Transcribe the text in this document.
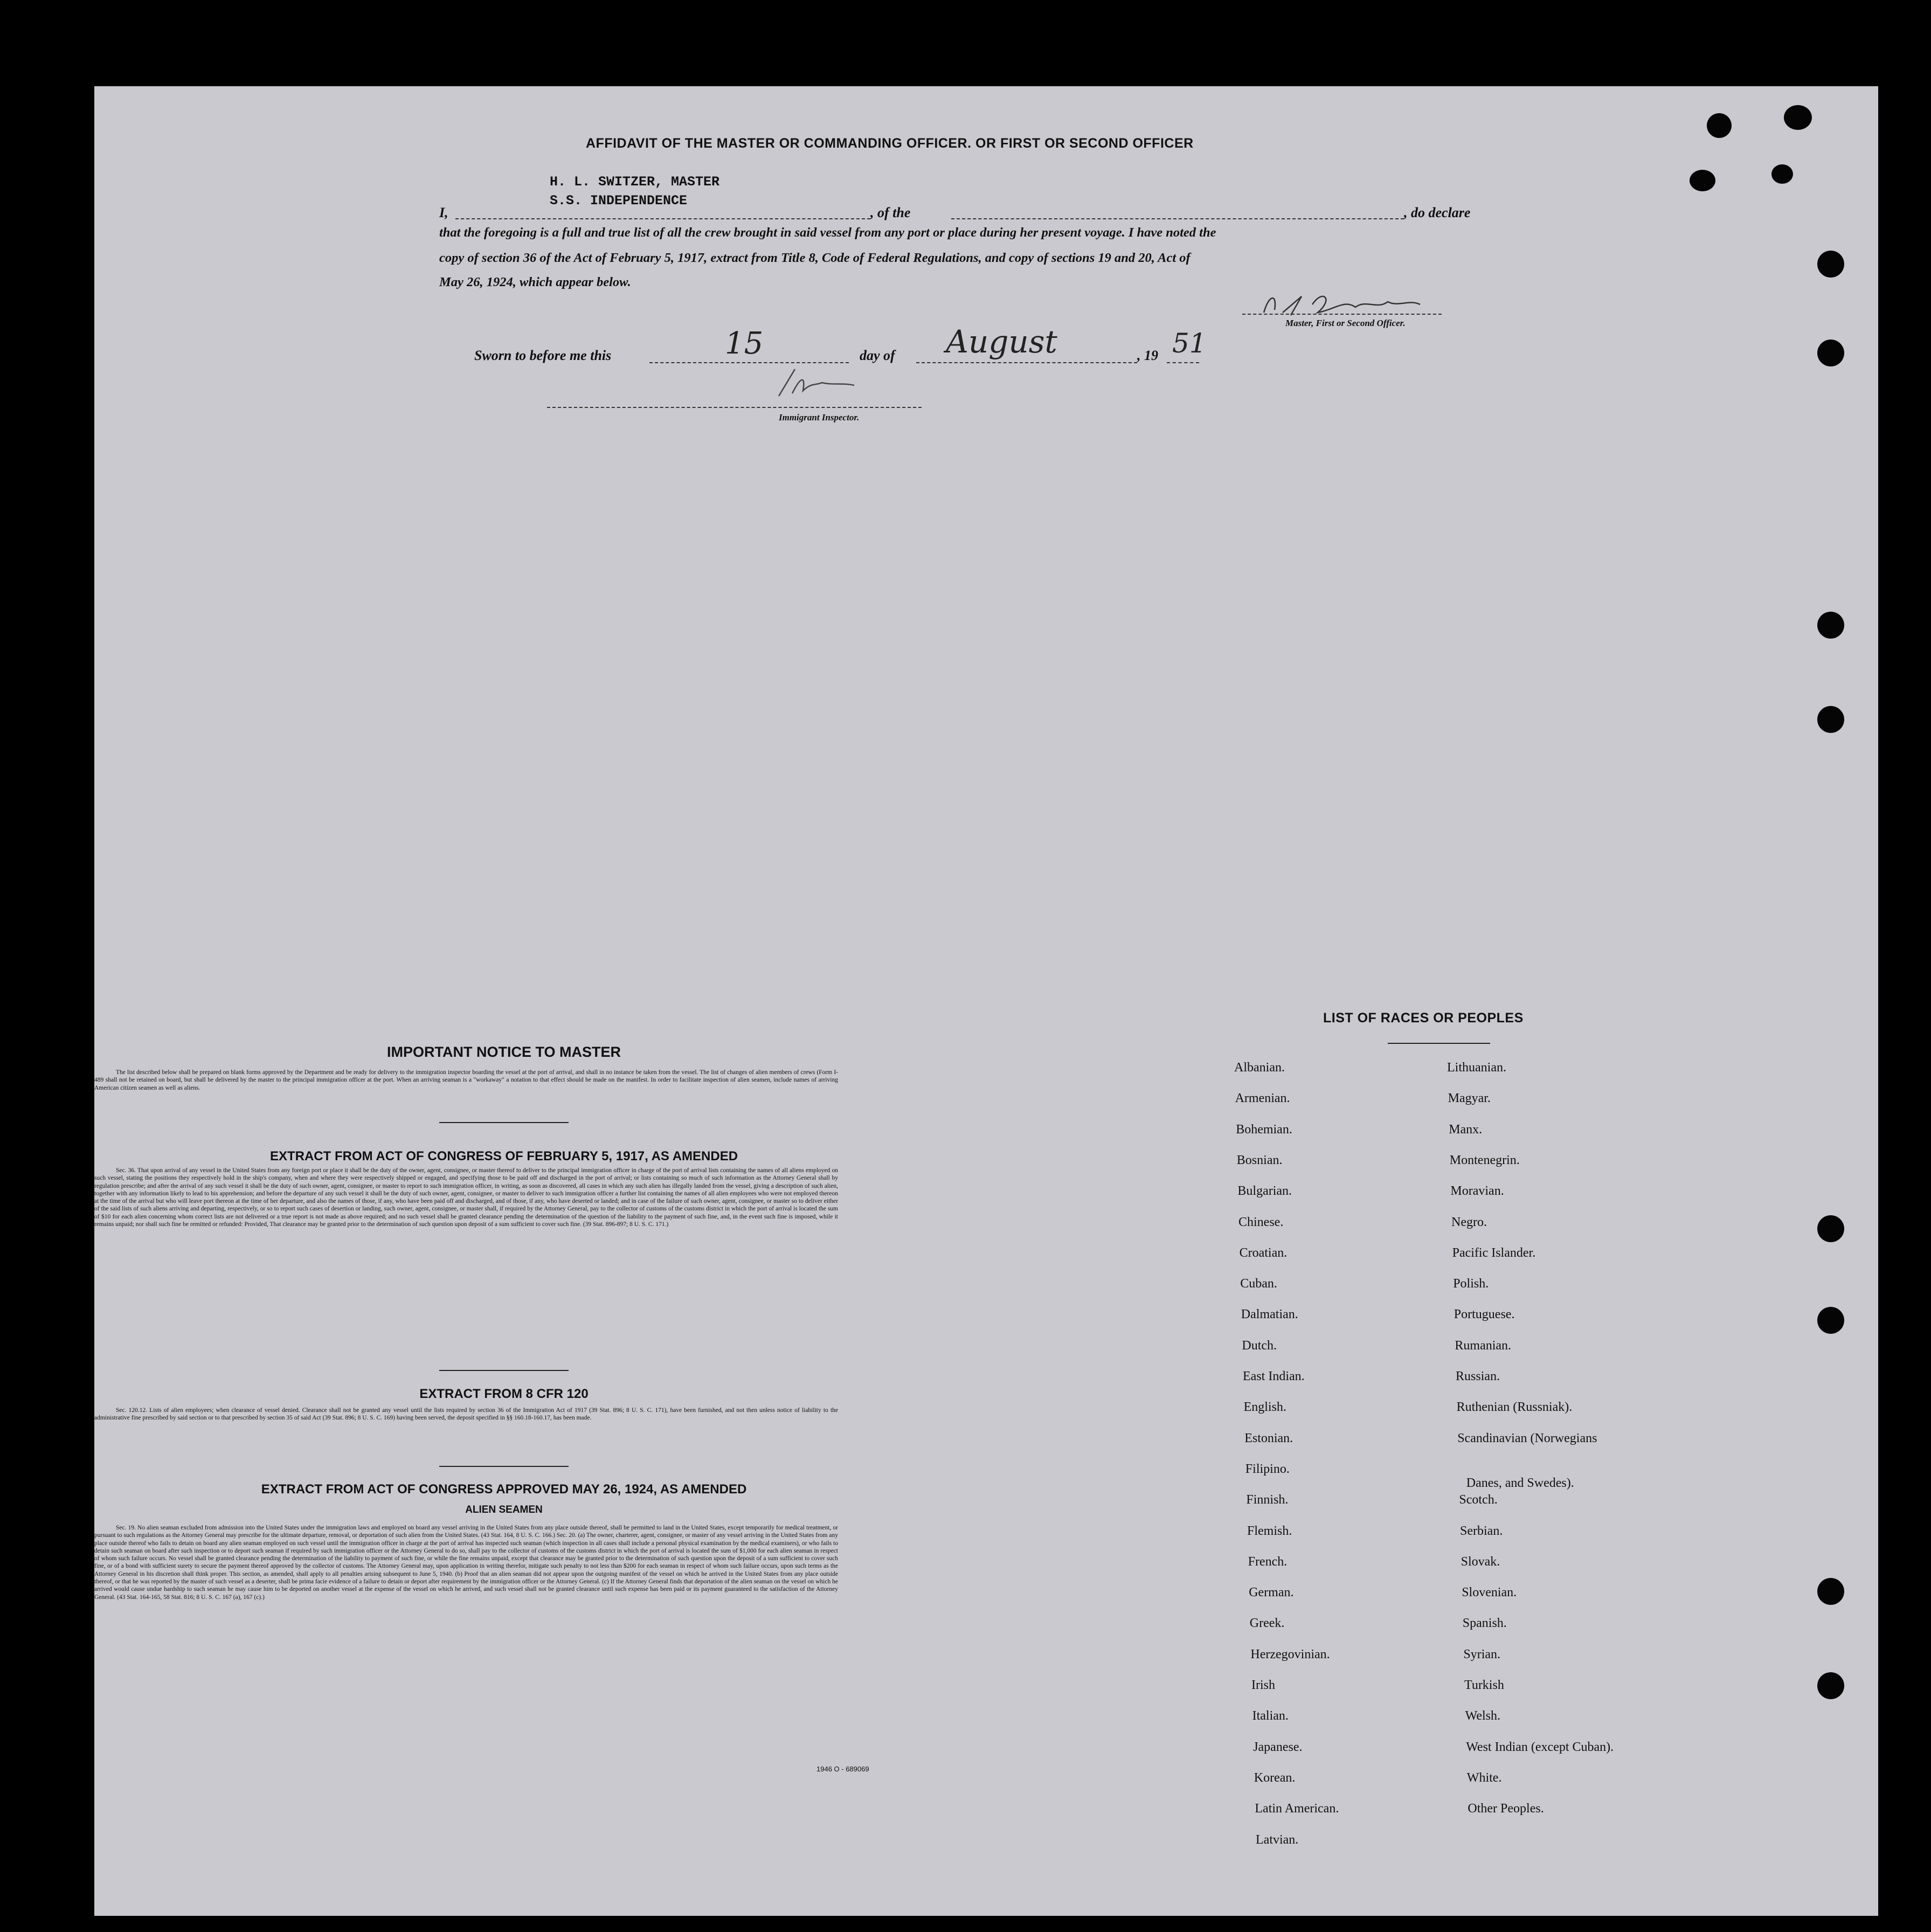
AFFIDAVIT OF THE MASTER OR COMMANDING OFFICER. OR FIRST OR SECOND OFFICER
H. L. SWITZER, MASTER
S.S. INDEPENDENCE
I,	, of the	, do declare
that the foregoing is a full and true list of all the crew brought in said vessel from any port or place during her present voyage. I have noted the
copy of section 36 of the Act of February 5, 1917, extract from Title 8, Code of Federal Regulations, and copy of sections 19 and 20, Act of
May 26, 1924, which appear below.
Master, First or Second Officer.
Sworn to before me this	15	day of August	, 19 51
Immigrant Inspector.
IMPORTANT NOTICE TO MASTER
The list described below shall be prepared on blank forms approved by the Department and be ready for delivery to the immigration inspector boarding the vessel at the port of arrival, and shall in no instance be taken from the vessel. The list of changes of alien members of crews (Form I-489 shall not be retained on board, but shall be delivered by the master to the principal immigration officer at the port. When an arriving seaman is a "workaway" a notation to that effect should be made on the manifest. In order to facilitate inspection of alien seamen, include names of arriving American citizen seamen as well as aliens.
EXTRACT FROM ACT OF CONGRESS OF FEBRUARY 5, 1917, AS AMENDED
Sec. 36. That upon arrival of any vessel in the United States from any foreign port or place it shall be the duty of the owner, agent, consignee, or master thereof to deliver to the principal immigration officer in charge of the port of arrival lists containing the names of all aliens employed on such vessel, stating the positions they respectively hold in the ship's company, when and where they were respectively shipped or engaged, and specifying those to be paid off and discharged in the port of arrival; or lists containing so much of such information as the Attorney General shall by regulation prescribe; and after the arrival of any such vessel it shall be the duty of such owner, agent, consignee, or master to report to such immigration officer, in writing, as soon as discovered, all cases in which any such alien has illegally landed from the vessel, giving a description of such alien, together with any information likely to lead to his apprehension; and before the departure of any such vessel it shall be the duty of such owner, agent, consignee, or master to deliver to such immigration officer a further list containing the names of all alien employees who were not employed thereon at the time of the arrival but who will leave port thereon at the time of her departure, and also the names of those, if any, who have been paid off and discharged, and of those, if any, who have deserted or landed; and in case of the failure of such owner, agent, consignee, or master so to deliver either of the said lists of such aliens arriving and departing, respectively, or so to report such cases of desertion or landing, such owner, agent, consignee, or master shall, if required by the Attorney General, pay to the collector of customs of the customs district in which the port of arrival is located the sum of $10 for each alien concerning whom correct lists are not delivered or a true report is not made as above required; and no such vessel shall be granted clearance pending the determination of the question of the liability to the payment of such fine, and, in the event such fine is imposed, while it remains unpaid; nor shall such fine be remitted or refunded: Provided, That clearance may be granted prior to the determination of such question upon deposit of a sum sufficient to cover such fine. (39 Stat. 896-897; 8 U. S. C. 171.)
EXTRACT FROM 8 CFR 120
Sec. 120.12. Lists of alien employees; when clearance of vessel denied. Clearance shall not be granted any vessel until the lists required by section 36 of the Immigration Act of 1917 (39 Stat. 896; 8 U. S. C. 171), have been furnished, and not then unless notice of liability to the administrative fine prescribed by said section or to that prescribed by section 35 of said Act (39 Stat. 896; 8 U. S. C. 169) having been served, the deposit specified in §§ 160.18-160.17, has been made.
EXTRACT FROM ACT OF CONGRESS APPROVED MAY 26, 1924, AS AMENDED
ALIEN SEAMEN
Sec. 19. No alien seaman excluded from admission into the United States under the immigration laws and employed on board any vessel arriving in the United States from any place outside thereof, shall be permitted to land in the United States, except temporarily for medical treatment, or pursuant to such regulations as the Attorney General may prescribe for the ultimate departure, removal, or deportation of such alien from the United States. (43 Stat. 164, 8 U. S. C. 166.) Sec. 20. (a) The owner, charterer, agent, consignee, or master of any vessel arriving in the United States from any place outside thereof who fails to detain on board any alien seaman employed on such vessel until the immigration officer in charge at the port of arrival has inspected such seaman (which inspection in all cases shall include a personal physical examination by the medical examiners), or who fails to detain such seaman on board after such inspection or to deport such seaman if required by such immigration officer or the Attorney General to do so, shall pay to the collector of customs of the customs district in which the port of arrival is located the sum of $1,000 for each alien seaman in respect of whom such failure occurs. No vessel shall be granted clearance pending the determination of the liability to payment of such fine, or while the fine remains unpaid, except that clearance may be granted prior to the determination of such question upon the deposit of a sum sufficient to cover such fine, or of a bond with sufficient surety to secure the payment thereof approved by the collector of customs. The Attorney General may, upon application in writing therefor, mitigate such penalty to not less than $200 for each seaman in respect of whom such failure occurs, upon such terms as the Attorney General in his discretion shall think proper. This section, as amended, shall apply to all penalties arising subsequent to June 5, 1940. (b) Proof that an alien seaman did not appear upon the outgoing manifest of the vessel on which he arrived in the United States from any place outside thereof, or that he was reported by the master of such vessel as a deserter, shall be prima facie evidence of a failure to detain or deport after requirement by the immigration officer or the Attorney General. (c) If the Attorney General finds that deportation of the alien seaman on the vessel on which he arrived would cause undue hardship to such seaman he may cause him to be deported on another vessel at the expense of the vessel on which he arrived, and such vessel shall not be granted clearance until such expense has been paid or its payment guaranteed to the satisfaction of the Attorney General. (43 Stat. 164-165, 58 Stat. 816; 8 U. S. C. 167 (a), 167 (c).)
1946 O - 689069
LIST OF RACES OR PEOPLES
Albanian.
Armenian.
Bohemian.
Bosnian.
Bulgarian.
Chinese.
Croatian.
Cuban.
Dalmatian.
Dutch.
East Indian.
English.
Estonian.
Filipino.
Finnish.
Flemish.
French.
German.
Greek.
Herzegovinian.
Irish
Italian.
Japanese.
Korean.
Latin American.
Latvian.
Lithuanian.
Magyar.
Manx.
Montenegrin.
Moravian.
Negro.
Pacific Islander.
Polish.
Portuguese.
Rumanian.
Russian.
Ruthenian (Russniak).
Scandinavian (Norwegians
Danes, and Swedes).
Scotch.
Serbian.
Slovak.
Slovenian.
Spanish.
Syrian.
Turkish
Welsh.
West Indian (except Cuban).
White.
Other Peoples.
